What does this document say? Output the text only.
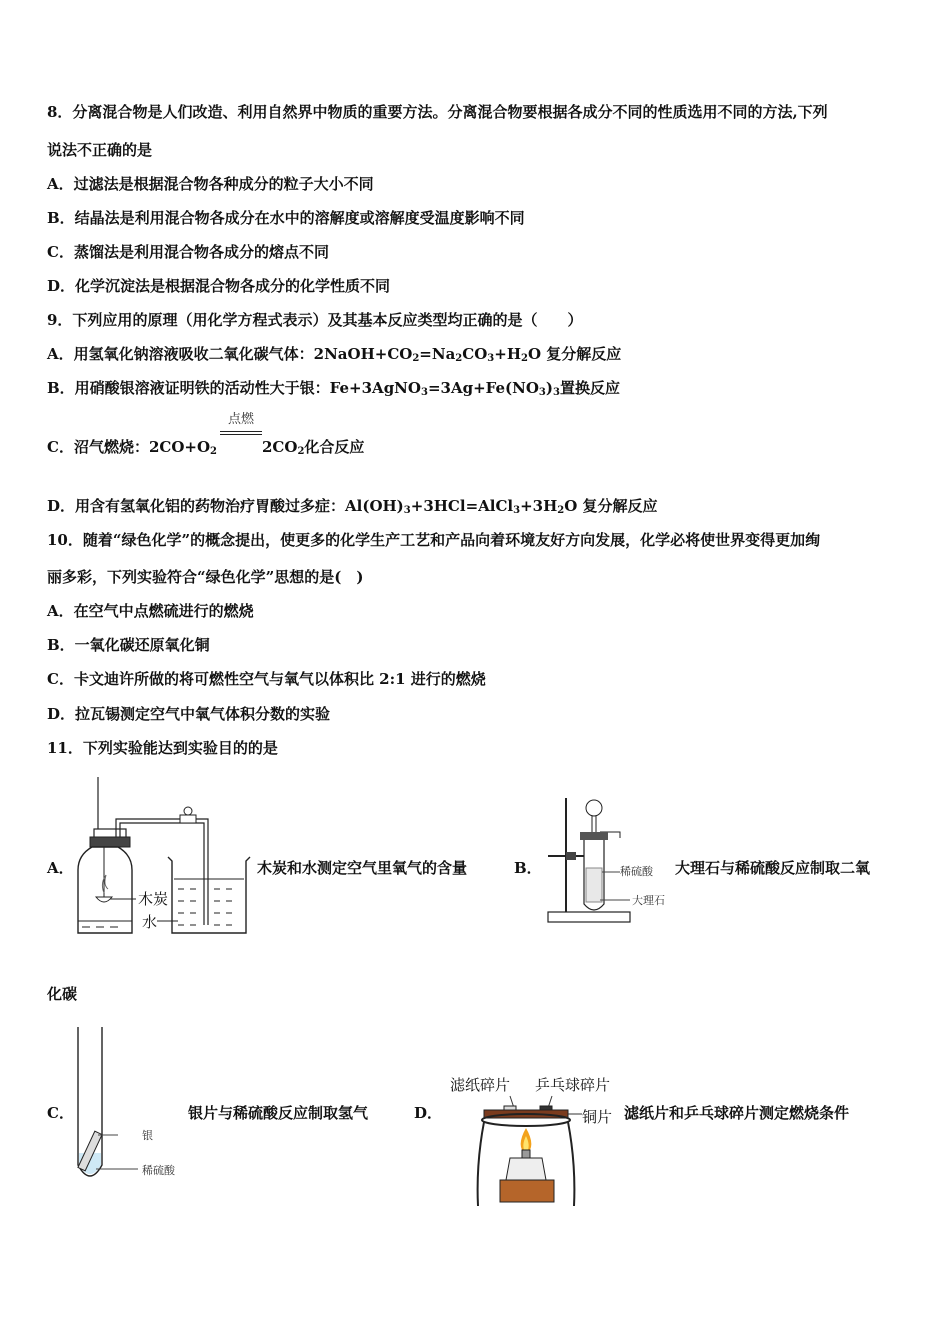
8．分离混合物是人们改造、利用自然界中物质的重要方法。分离混合物要根据各成分不同的性质选用不同的方法,下列
说法不正确的是
A．过滤法是根据混合物各种成分的粒子大小不同
B．结晶法是利用混合物各成分在水中的溶解度或溶解度受温度影响不同
C．蒸馏法是利用混合物各成分的熔点不同
D．化学沉淀法是根据混合物各成分的化学性质不同
9．下列应用的原理（用化学方程式表示）及其基本反应类型均正确的是（　　）
A．用氢氧化钠溶液吸收二氧化碳气体：$2NaOH+CO_2=Na_2CO_3+H_2O$ 复分解反应
B．用硝酸银溶液证明铁的活动性大于银：$Fe+3AgNO_3=3Ag+Fe(NO_3)_3$置换反应
C．沼气燃烧：$2CO+O_2$
点燃
$2CO_2$化合反应
D．用含有氢氧化铝的药物治疗胃酸过多症：$Al(OH)_3+3HCl=AlCl_3+3H_2O$ 复分解反应
10．随着“绿色化学”的概念提出，使更多的化学生产工艺和产品向着环境友好方向发展，化学必将使世界变得更加绚
丽多彩，下列实验符合“绿色化学”思想的是(　)
A．在空气中点燃硫进行的燃烧
B．一氧化碳还原氧化铜
C．卡文迪许所做的将可燃性空气与氧气以体积比 2:1 进行的燃烧
D．拉瓦锡测定空气中氧气体积分数的实验
11．下列实验能达到实验目的的是
A．
木炭
水
木炭和水测定空气里氧气的含量	B．	稀硫酸
大理石
大理石与稀硫酸反应制取二氧
化碳
C．
银
稀硫酸
银片与稀硫酸反应制取氢气	D．
滤纸碎片 乒乓球碎片
铜片 滤纸片和乒乓球碎片测定燃烧条件
